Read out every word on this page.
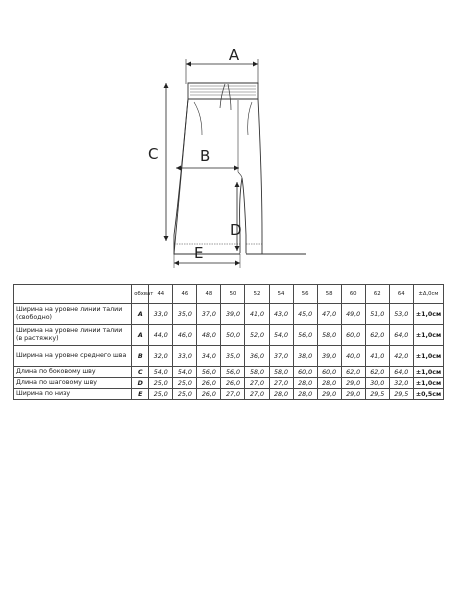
A
C	B
D
E
	обхват	44	46	48	50	52	54	56	58	60	62	64	±Δ,0см
Ширина на уровне линии талии (свободно)	A	33,0	35,0	37,0	39,0	41,0	43,0	45,0	47,0	49,0	51,0	53,0	±1,0см
Ширина на уровне линии талии (в растяжку)	A	44,0	46,0	48,0	50,0	52,0	54,0	56,0	58,0	60,0	62,0	64,0	±1,0см
Ширина на уровне среднего шва	B	32,0	33,0	34,0	35,0	36,0	37,0	38,0	39,0	40,0	41,0	42,0	±1,0см
Длина по боковому шву	C	54,0	54,0	56,0	56,0	58,0	58,0	60,0	60,0	62,0	62,0	64,0	±1,0см
Длина по шаговому шву	D	25,0	25,0	26,0	26,0	27,0	27,0	28,0	28,0	29,0	30,0	32,0	±1,0см
Ширина по низу	E	25,0	25,0	26,0	27,0	27,0	28,0	28,0	29,0	29,0	29,5	29,5	±0,5см
